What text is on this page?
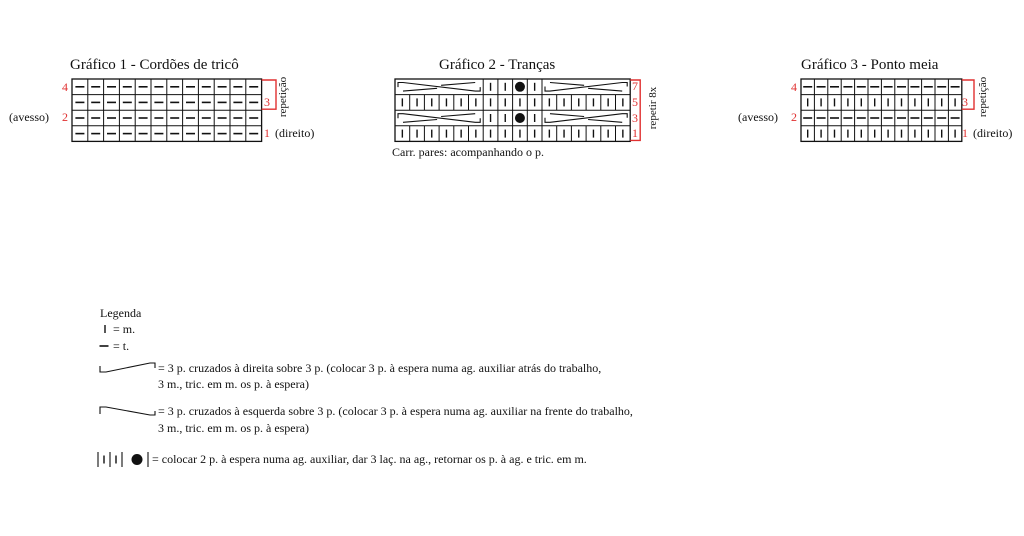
Gráfico 1 - Cordões de tricô
4
3
2
1
(avesso)
(direito)
repetição
Gráfico 2 - Tranças
7
5
3
1
repetir 8x
Carr. pares: acompanhando o p.
Gráfico 3 - Ponto meia
4
3
2
1
(avesso)
(direito)
repetição
Legenda
= m.
= t.
= 3 p. cruzados à direita sobre 3 p. (colocar 3 p. à espera numa ag. auxiliar atrás do trabalho,
3 m., tric. em m. os p. à espera)
= 3 p. cruzados à esquerda sobre 3 p. (colocar 3 p. à espera numa ag. auxiliar na frente do trabalho,
3 m., tric. em m. os p. à espera)
= colocar 2 p. à espera numa ag. auxiliar, dar 3 laç. na ag., retornar os p. à ag. e tric. em m.
